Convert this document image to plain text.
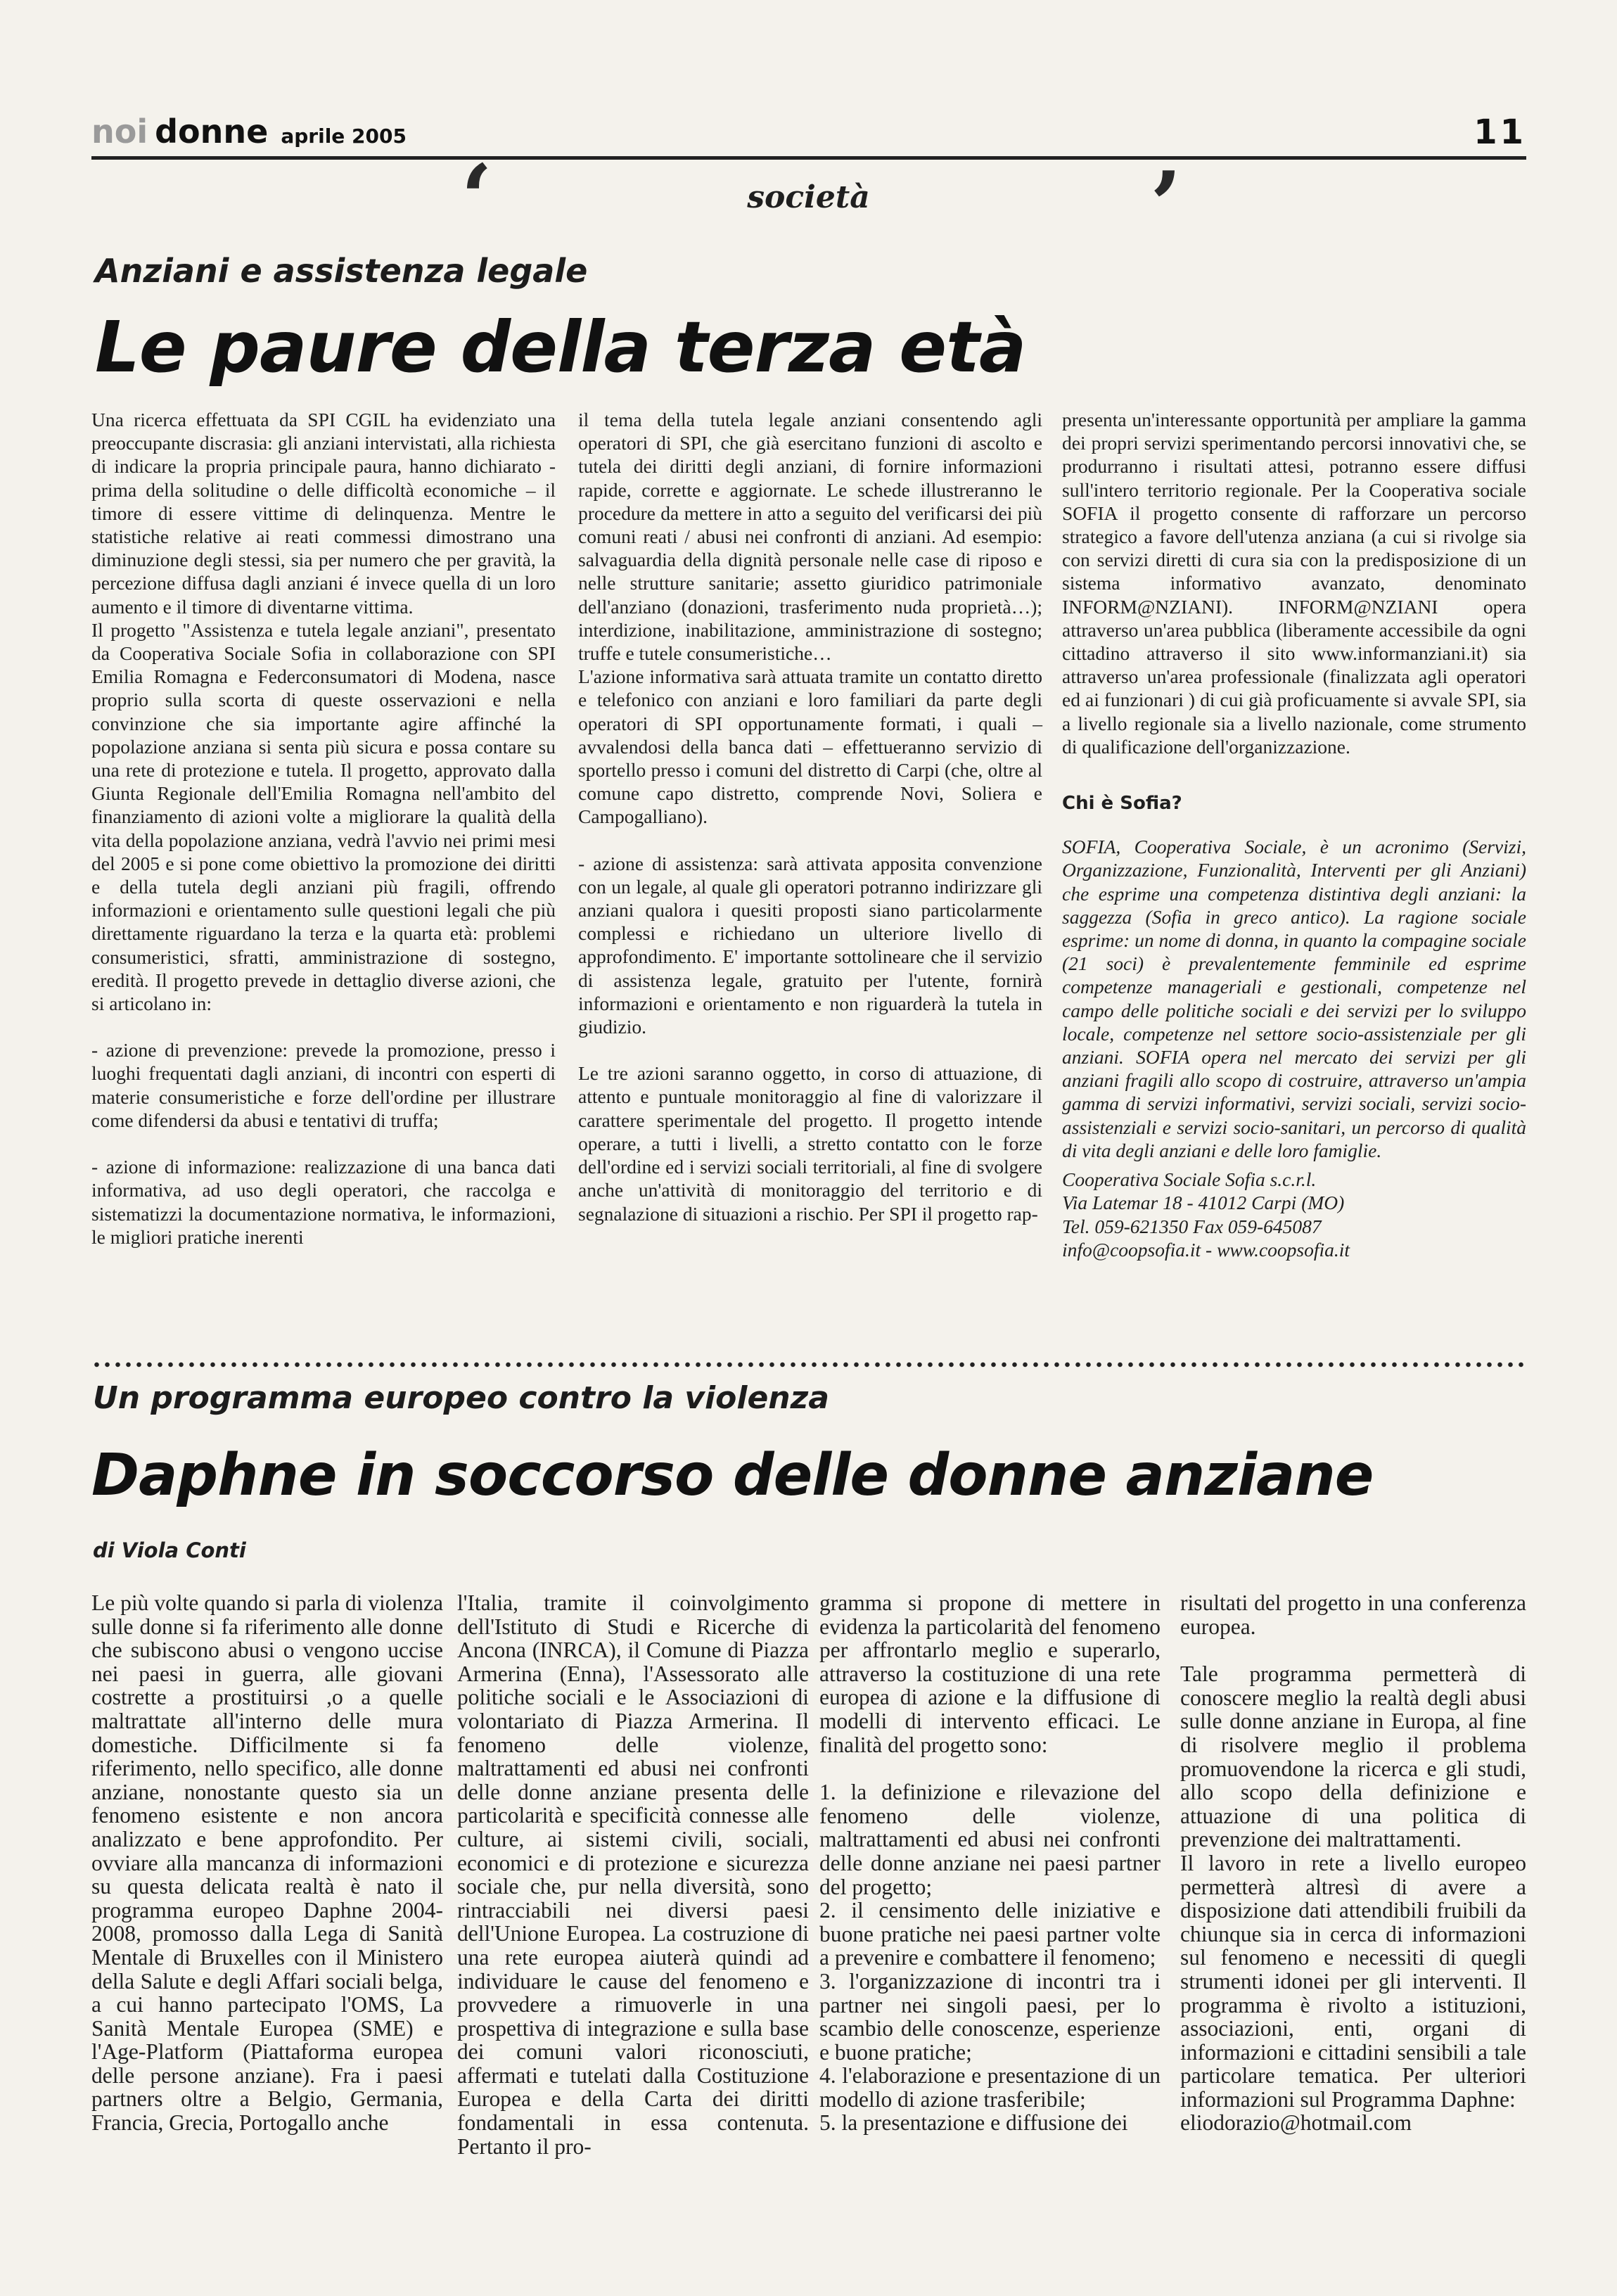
noi donne aprile 2005	11
‘	società	’
Anziani e assistenza legale
Le paure della terza età

Una ricerca effettuata da SPI CGIL ha evidenziato una preoccupante discrasia: gli anziani intervistati, alla richiesta di indicare la propria principale paura, hanno dichiarato - prima della solitudine o delle difficoltà economiche – il timore di essere vittime di delinquenza. Mentre le statistiche relative ai reati commessi dimostrano una diminuzione degli stessi, sia per numero che per gravità, la percezione diffusa dagli anziani é invece quella di un loro aumento e il timore di diventarne vittima.

Il progetto "Assistenza e tutela legale anziani", presentato da Cooperativa Sociale Sofia in collaborazione con SPI Emilia Romagna e Federconsumatori di Modena, nasce proprio sulla scorta di queste osservazioni e nella convinzione che sia importante agire affinché la popolazione anziana si senta più sicura e possa contare su una rete di protezione e tutela. Il progetto, approvato dalla Giunta Regionale dell'Emilia Romagna nell'ambito del finanziamento di azioni volte a migliorare la qualità della vita della popolazione anziana, vedrà l'avvio nei primi mesi del 2005 e si pone come obiettivo la promozione dei diritti e della tutela degli anziani più fragili, offrendo informazioni e orientamento sulle questioni legali che più direttamente riguardano la terza e la quarta età: problemi consumeristici, sfratti, amministrazione di sostegno, eredità. Il progetto prevede in dettaglio diverse azioni, che si articolano in:

- azione di prevenzione: prevede la promozione, presso i luoghi frequentati dagli anziani, di incontri con esperti di materie consumeristiche e forze dell'ordine per illustrare come difendersi da abusi e tentativi di truffa;

- azione di informazione: realizzazione di una banca dati informativa, ad uso degli operatori, che raccolga e sistematizzi la documentazione normativa, le informazioni, le migliori pratiche inerenti

il tema della tutela legale anziani consentendo agli operatori di SPI, che già esercitano funzioni di ascolto e tutela dei diritti degli anziani, di fornire informazioni rapide, corrette e aggiornate. Le schede illustreranno le procedure da mettere in atto a seguito del verificarsi dei più comuni reati / abusi nei confronti di anziani. Ad esempio: salvaguardia della dignità personale nelle case di riposo e nelle strutture sanitarie; assetto giuridico patrimoniale dell'anziano (donazioni, trasferimento nuda proprietà…); interdizione, inabilitazione, amministrazione di sostegno; truffe e tutele consumeristiche…

L'azione informativa sarà attuata tramite un contatto diretto e telefonico con anziani e loro familiari da parte degli operatori di SPI opportunamente formati, i quali – avvalendosi della banca dati – effettueranno servizio di sportello presso i comuni del distretto di Carpi (che, oltre al comune capo distretto, comprende Novi, Soliera e Campogalliano).

- azione di assistenza: sarà attivata apposita convenzione con un legale, al quale gli operatori potranno indirizzare gli anziani qualora i quesiti proposti siano particolarmente complessi e richiedano un ulteriore livello di approfondimento. E' importante sottolineare che il servizio di assistenza legale, gratuito per l'utente, fornirà informazioni e orientamento e non riguarderà la tutela in giudizio.

Le tre azioni saranno oggetto, in corso di attuazione, di attento e puntuale monitoraggio al fine di valorizzare il carattere sperimentale del progetto. Il progetto intende operare, a tutti i livelli, a stretto contatto con le forze dell'ordine ed i servizi sociali territoriali, al fine di svolgere anche un'attività di monitoraggio del territorio e di segnalazione di situazioni a rischio. Per SPI il progetto rap-

presenta un'interessante opportunità per ampliare la gamma dei propri servizi sperimentando percorsi innovativi che, se produrranno i risultati attesi, potranno essere diffusi sull'intero territorio regionale. Per la Cooperativa sociale SOFIA il progetto consente di rafforzare un percorso strategico a favore dell'utenza anziana (a cui si rivolge sia con servizi diretti di cura sia con la predisposizione di un sistema informativo avanzato, denominato INFORM@NZIANI). INFORM@NZIANI opera attraverso un'area pubblica (liberamente accessibile da ogni cittadino attraverso il sito www.informanziani.it) sia attraverso un'area professionale (finalizzata agli operatori ed ai funzionari ) di cui già proficuamente si avvale SPI, sia a livello regionale sia a livello nazionale, come strumento di qualificazione dell'organizzazione.

Chi è Sofia?

SOFIA, Cooperativa Sociale, è un acronimo (Servizi, Organizzazione, Funzionalità, Interventi per gli Anziani) che esprime una competenza distintiva degli anziani: la saggezza (Sofia in greco antico). La ragione sociale esprime: un nome di donna, in quanto la compagine sociale (21 soci) è prevalentemente femminile ed esprime competenze manageriali e gestionali, competenze nel campo delle politiche sociali e dei servizi per lo sviluppo locale, competenze nel settore socio-assistenziale per gli anziani. SOFIA opera nel mercato dei servizi per gli anziani fragili allo scopo di costruire, attraverso un'ampia gamma di servizi informativi, servizi sociali, servizi socio-assistenziali e servizi socio-sanitari, un percorso di qualità di vita degli anziani e delle loro famiglie.

Cooperativa Sociale Sofia s.c.r.l.
Via Latemar 18 - 41012 Carpi (MO)
Tel. 059-621350 Fax 059-645087
info@coopsofia.it - www.coopsofia.it
Un programma europeo contro la violenza
Daphne in soccorso delle donne anziane
di Viola Conti

Le più volte quando si parla di violenza sulle donne si fa riferimento alle donne che subiscono abusi o vengono uccise nei paesi in guerra, alle giovani costrette a prostituirsi ,o a quelle maltrattate all'interno delle mura domestiche. Difficilmente si fa riferimento, nello specifico, alle donne anziane, nonostante questo sia un fenomeno esistente e non ancora analizzato e bene approfondito. Per ovviare alla mancanza di informazioni su questa delicata realtà è nato il programma europeo Daphne 2004-2008, promosso dalla Lega di Sanità Mentale di Bruxelles con il Ministero della Salute e degli Affari sociali belga, a cui hanno partecipato l'OMS, La Sanità Mentale Europea (SME) e l'Age-Platform (Piattaforma europea delle persone anziane). Fra i paesi partners oltre a Belgio, Germania, Francia, Grecia, Portogallo anche

l'Italia, tramite il coinvolgimento dell'Istituto di Studi e Ricerche di Ancona (INRCA), il Comune di Piazza Armerina (Enna), l'Assessorato alle politiche sociali e le Associazioni di volontariato di Piazza Armerina. Il fenomeno delle violenze, maltrattamenti ed abusi nei confronti delle donne anziane presenta delle particolarità e specificità connesse alle culture, ai sistemi civili, sociali, economici e di protezione e sicurezza sociale che, pur nella diversità, sono rintracciabili nei diversi paesi dell'Unione Europea. La costruzione di una rete europea aiuterà quindi ad individuare le cause del fenomeno e provvedere a rimuoverle in una prospettiva di integrazione e sulla base dei comuni valori riconosciuti, affermati e tutelati dalla Costituzione Europea e della Carta dei diritti fondamentali in essa contenuta. Pertanto il pro-

gramma si propone di mettere in evidenza la particolarità del fenomeno per affrontarlo meglio e superarlo, attraverso la costituzione di una rete europea di azione e la diffusione di modelli di intervento efficaci. Le finalità del progetto sono:

1. la definizione e rilevazione del fenomeno delle violenze, maltrattamenti ed abusi nei confronti delle donne anziane nei paesi partner del progetto;
2. il censimento delle iniziative e buone pratiche nei paesi partner volte a prevenire e combattere il fenomeno;
3. l'organizzazione di incontri tra i partner nei singoli paesi, per lo scambio delle conoscenze, esperienze e buone pratiche;
4. l'elaborazione e presentazione di un modello di azione trasferibile;
5. la presentazione e diffusione dei

risultati del progetto in una conferenza europea.

Tale programma permetterà di conoscere meglio la realtà degli abusi sulle donne anziane in Europa, al fine di risolvere meglio il problema promuovendone la ricerca e gli studi, allo scopo della definizione e attuazione di una politica di prevenzione dei maltrattamenti.

Il lavoro in rete a livello europeo permetterà altresì di avere a disposizione dati attendibili fruibili da chiunque sia in cerca di informazioni sul fenomeno e necessiti di quegli strumenti idonei per gli interventi. Il programma è rivolto a istituzioni, associazioni, enti, organi di informazioni e cittadini sensibili a tale particolare tematica. Per ulteriori informazioni sul Programma Daphne:

eliodorazio@hotmail.com
